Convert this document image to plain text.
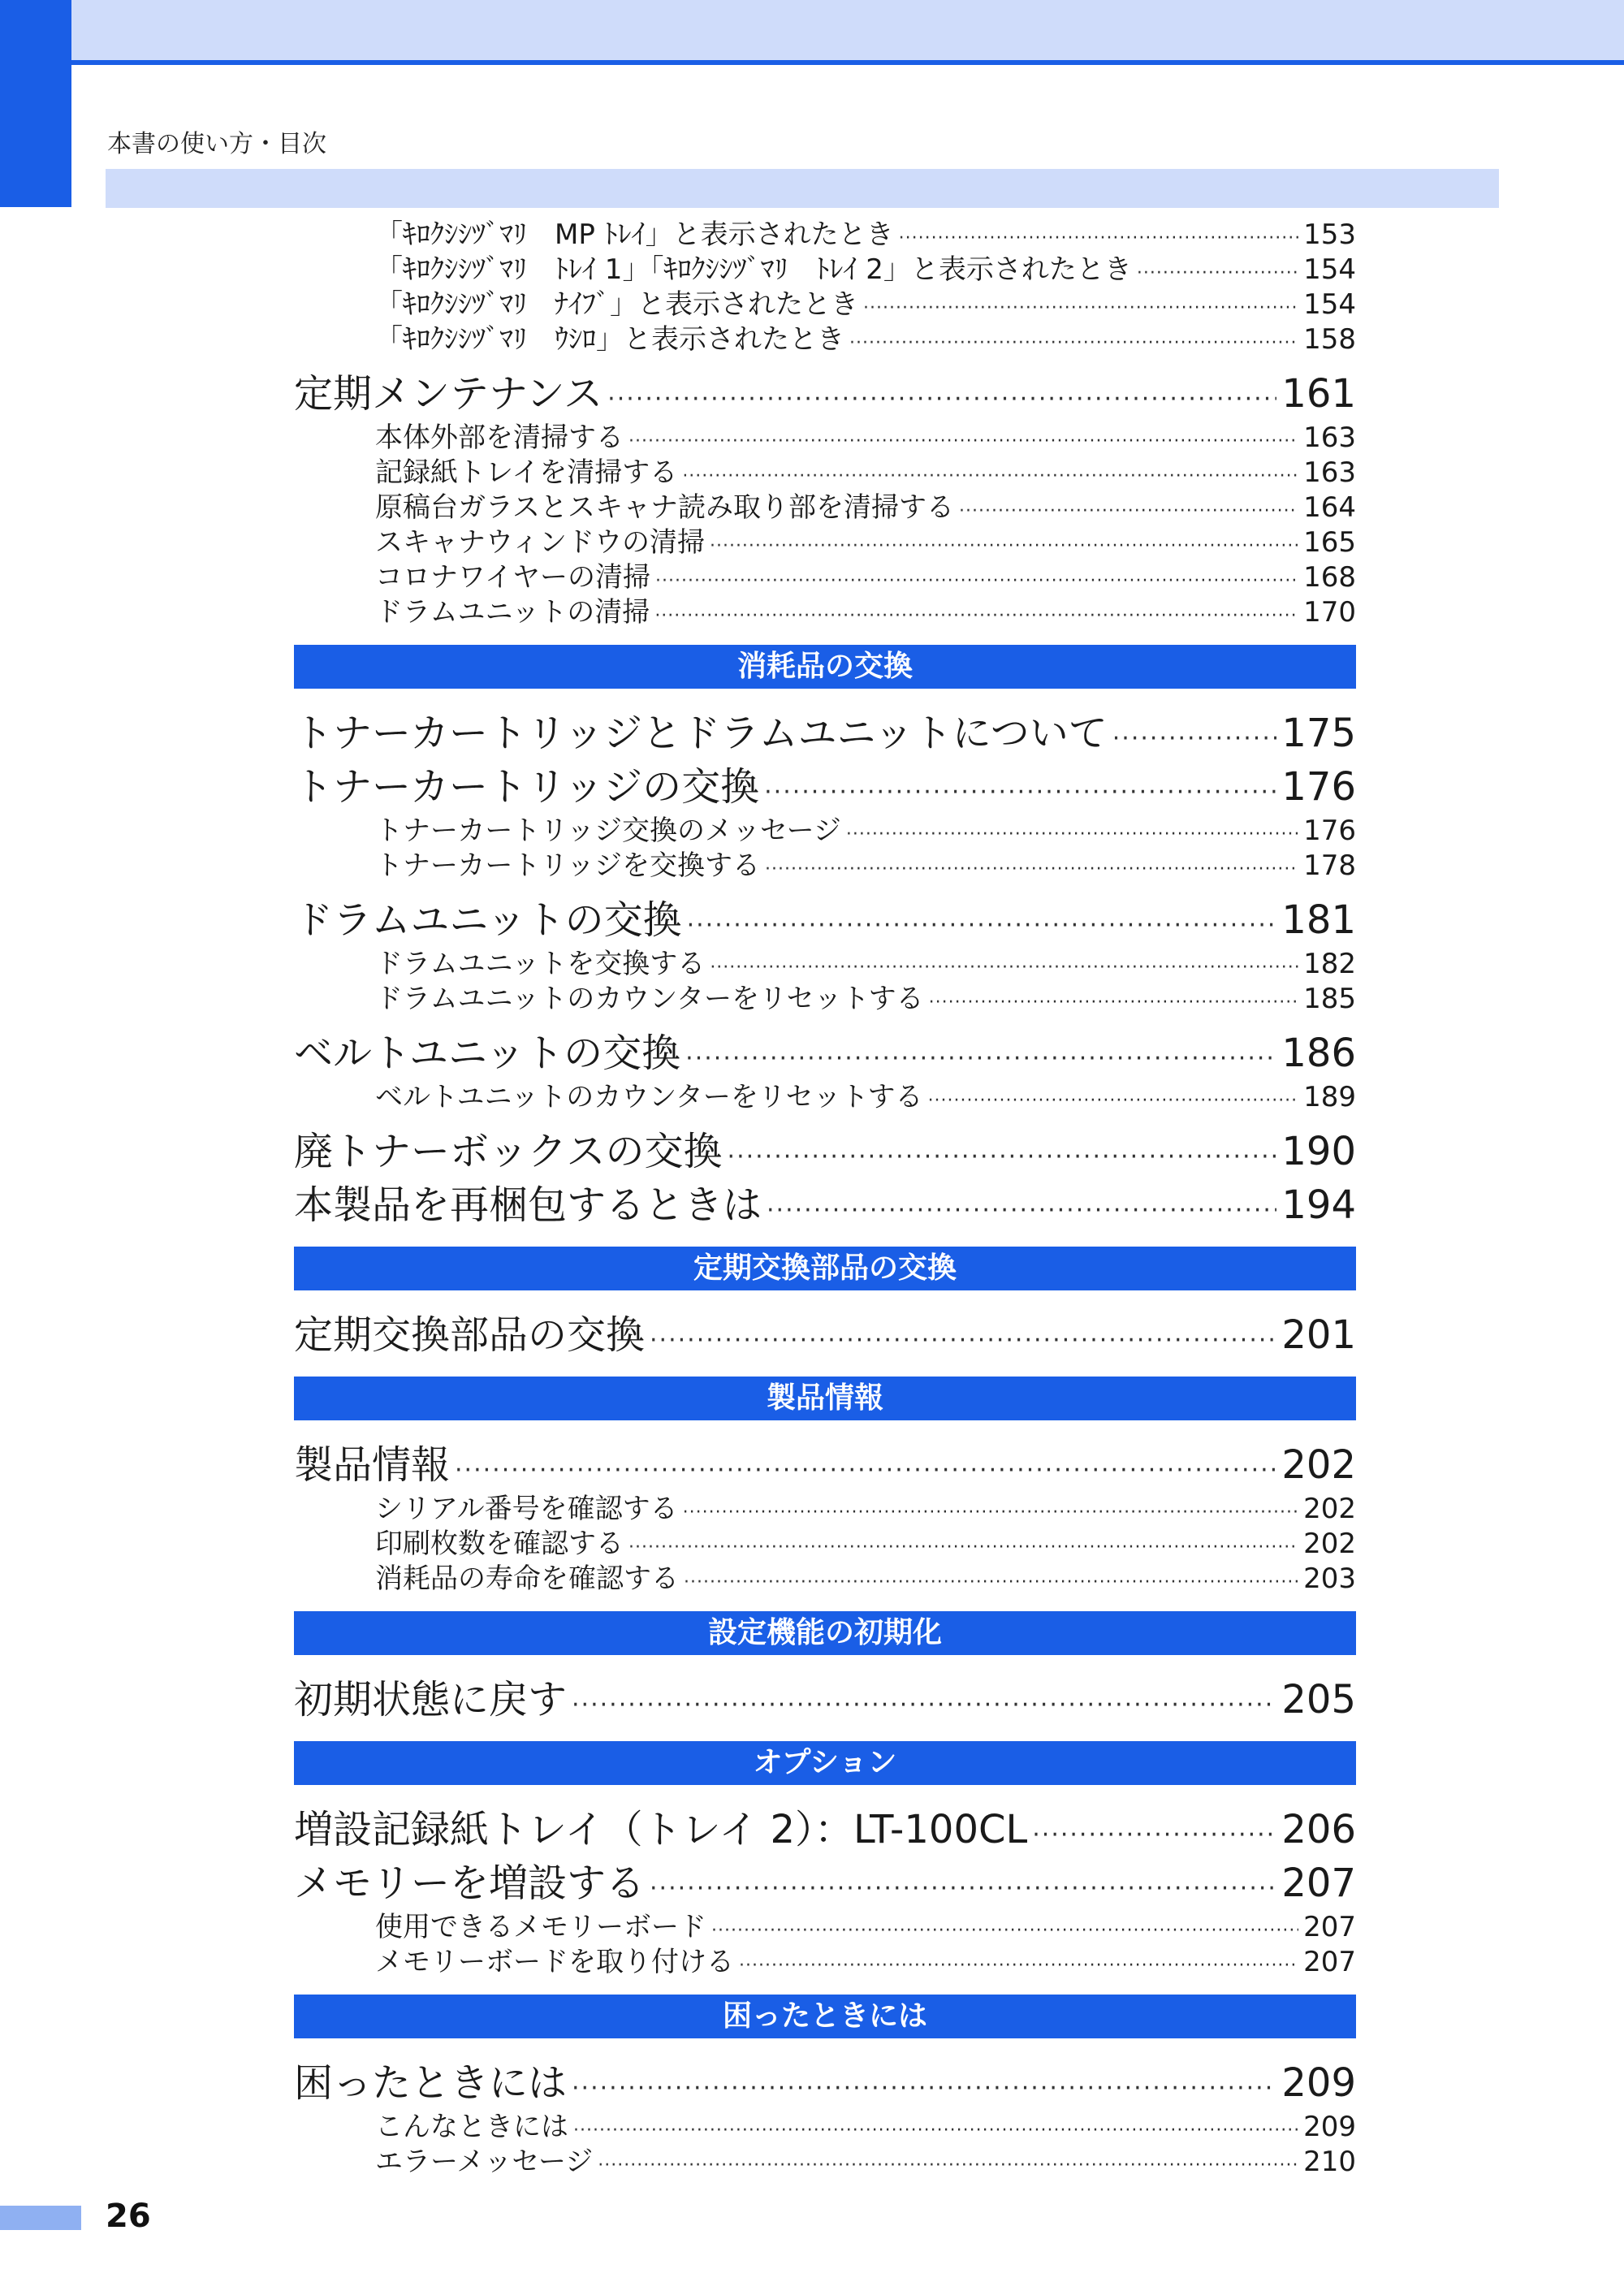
本書の使い方・目次
「ｷﾛｸｼｼﾂﾞﾏﾘ　MP ﾄﾚｲ」と表示されたとき ·····	153
「ｷﾛｸｼｼﾂﾞﾏﾘ　ﾄﾚｲ 1」「ｷﾛｸｼｼﾂﾞﾏﾘ　ﾄﾚｲ 2」と表示されたとき ·····	154
「ｷﾛｸｼｼﾂﾞﾏﾘ　ﾅｲﾌﾞ」と表示されたとき ·····	154
「ｷﾛｸｼｼﾂﾞﾏﾘ　ｳｼﾛ」と表示されたとき ·····	158
定期メンテナンス ·····	161
本体外部を清掃する ·····	163
記録紙トレイを清掃する ·····	163
原稿台ガラスとスキャナ読み取り部を清掃する ·····	164
スキャナウィンドウの清掃 ·····	165
コロナワイヤーの清掃 ·····	168
ドラムユニットの清掃 ·····	170
消耗品の交換
トナーカートリッジとドラムユニットについて ·····	175
トナーカートリッジの交換 ·····	176
トナーカートリッジ交換のメッセージ ·····	176
トナーカートリッジを交換する ·····	178
ドラムユニットの交換 ·····	181
ドラムユニットを交換する ·····	182
ドラムユニットのカウンターをリセットする ·····	185
ベルトユニットの交換 ·····	186
ベルトユニットのカウンターをリセットする ·····	189
廃トナーボックスの交換 ·····	190
本製品を再梱包するときは ·····	194
定期交換部品の交換
定期交換部品の交換 ·····	201
製品情報
製品情報 ·····	202
シリアル番号を確認する ·····	202
印刷枚数を確認する ·····	202
消耗品の寿命を確認する ·····	203
設定機能の初期化
初期状態に戻す ·····	205
オプション
増設記録紙トレイ（トレイ 2）：LT-100CL ·····	206
メモリーを増設する ·····	207
使用できるメモリーボード ·····	207
メモリーボードを取り付ける ·····	207
困ったときには
困ったときには ·····	209
こんなときには ·····	209
エラーメッセージ ·····	210
26
